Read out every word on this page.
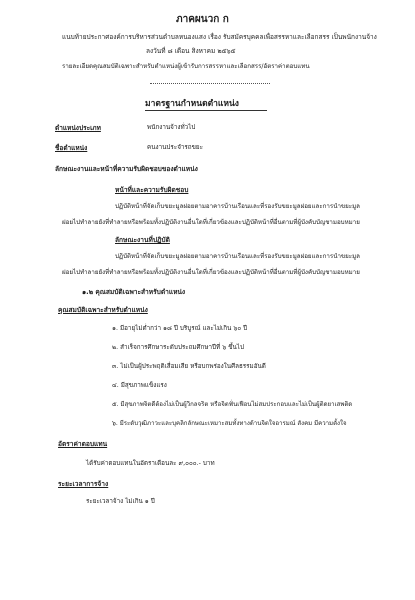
ภาคผนวก ก
แนบท้ายประกาศองค์การบริหารส่วนตำบลหนองแสง เรื่อง รับสมัครบุคคลเพื่อสรรหาและเลือกสรร เป็นพนักงานจ้าง
ลงวันที่ ๘ เดือน สิงหาคม ๒๕๖๕
รายละเอียดคุณสมบัติเฉพาะสำหรับตำแหน่งผู้เข้ารับการสรรหาและเลือกสรร/อัตราค่าตอบแทน
มาตรฐานกำหนดตำแหน่ง
ตำแหน่งประเภท	พนักงานจ้างทั่วไป
ชื่อตำแหน่ง	คนงานประจำรถขยะ
ลักษณะงานและหน้าที่ความรับผิดชอบของตำแหน่ง
หน้าที่และความรับผิดชอบ
ปฏิบัติหน้าที่จัดเก็บขยะมูลฝอยตามอาคารบ้านเรือนและที่รองรับขยะมูลฝอยและการนำขยะมูล
ฝอยไปทำลายยังที่ทำลายหรือพร้อมทั้งปฏิบัติงานอื่นใดที่เกี่ยวข้องและปฏิบัติหน้าที่อื่นตามที่ผู้บังคับบัญชามอบหมาย
ลักษณะงานที่ปฏิบัติ
ปฏิบัติหน้าที่จัดเก็บขยะมูลฝอยตามอาคารบ้านเรือนและที่รองรับขยะมูลฝอยและการนำขยะมูล
ฝอยไปทำลายยังที่ทำลายหรือพร้อมทั้งปฏิบัติงานอื่นใดที่เกี่ยวข้องและปฏิบัติหน้าที่อื่นตามที่ผู้บังคับบัญชามอบหมาย
๑.๒ คุณสมบัติเฉพาะสำหรับตำแหน่ง
คุณสมบัติเฉพาะสำหรับตำแหน่ง
๑. มีอายุไม่ต่ำกว่า ๑๘ ปี บริบูรณ์ และไม่เกิน ๖๐ ปี
๒. สำเร็จการศึกษาระดับประถมศึกษาปีที่ ๖ ขึ้นไป
๓. ไม่เป็นผู้ประพฤติเสื่อมเสีย หรือบกพร่องในศีลธรรมอันดี
๔. มีสุขภาพแข็งแรง
๕. มีสุขภาพจิตดีต้องไม่เป็นผู้วิกลจริต หรือจิตฟั่นเฟือนไม่สมประกอบและไม่เป็นผู้ติดยาเสพติด
๖. มีระดับวุฒิภาวะและบุคลิกลักษณะเหมาะสมทั้งทางด้านจิตใจอารมณ์ สังคม มีความตั้งใจ
อัตราค่าตอบแทน
ได้รับค่าตอบแทนในอัตราเดือนละ ๙,๐๐๐.- บาท
ระยะเวลาการจ้าง
ระยะเวลาจ้าง ไม่เกิน ๑ ปี
